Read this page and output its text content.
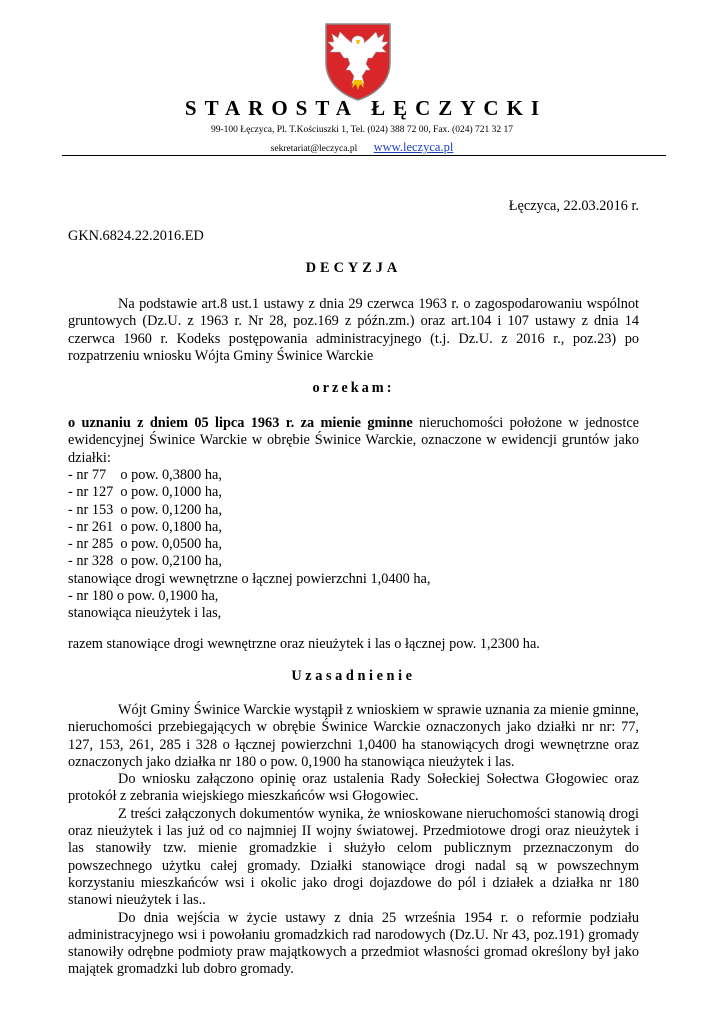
STAROSTA ŁĘCZYCKI
99-100 Łęczyca, Pl. T.Kościuszki 1, Tel. (024) 388 72 00, Fax. (024) 721 32 17
sekretariat@leczyca.pl www.leczyca.pl
Łęczyca, 22.03.2016 r.
GKN.6824.22.2016.ED
DECYZJA
Na podstawie art.8 ust.1 ustawy z dnia 29 czerwca 1963 r. o zagospodarowaniu wspólnot gruntowych (Dz.U. z 1963 r. Nr 28, poz.169 z późn.zm.) oraz art.104 i 107 ustawy z dnia 14 czerwca 1960 r. Kodeks postępowania administracyjnego (t.j. Dz.U. z 2016 r., poz.23) po rozpatrzeniu wniosku Wójta Gminy Świnice Warckie
orzekam:
o uznaniu z dniem 05 lipca 1963 r. za mienie gminne nieruchomości położone w jednostce ewidencyjnej Świnice Warckie w obrębie Świnice Warckie, oznaczone w ewidencji gruntów jako działki:
- nr 77    o pow. 0,3800 ha,
- nr 127  o pow. 0,1000 ha,
- nr 153  o pow. 0,1200 ha,
- nr 261  o pow. 0,1800 ha,
- nr 285  o pow. 0,0500 ha,
- nr 328  o pow. 0,2100 ha,
stanowiące drogi wewnętrzne o łącznej powierzchni 1,0400 ha,
- nr 180 o pow. 0,1900 ha,
stanowiąca nieużytek i las,
razem stanowiące drogi wewnętrzne oraz nieużytek i las o łącznej pow. 1,2300 ha.
Uzasadnienie
Wójt Gminy Świnice Warckie wystąpił z wnioskiem w sprawie uznania za mienie gminne, nieruchomości przebiegających w obrębie Świnice Warckie oznaczonych jako działki nr nr: 77, 127, 153, 261, 285 i 328 o łącznej powierzchni 1,0400 ha stanowiących drogi wewnętrzne oraz oznaczonych jako działka nr 180 o pow. 0,1900 ha stanowiąca nieużytek i las.
Do wniosku załączono opinię oraz ustalenia Rady Sołeckiej Sołectwa Głogowiec oraz protokół z zebrania wiejskiego mieszkańców wsi Głogowiec.
Z treści załączonych dokumentów wynika, że wnioskowane nieruchomości stanowią drogi oraz nieużytek i las już od co najmniej II wojny światowej. Przedmiotowe drogi oraz nieużytek i las stanowiły tzw. mienie gromadzkie i służyło celom publicznym przeznaczonym do powszechnego użytku całej gromady. Działki stanowiące drogi nadal są w powszechnym korzystaniu mieszkańców wsi i okolic jako drogi dojazdowe do pól i działek a działka nr 180 stanowi nieużytek i las..
Do dnia wejścia w życie ustawy z dnia 25 września 1954 r. o reformie podziału administracyjnego wsi i powołaniu gromadzkich rad narodowych (Dz.U. Nr 43, poz.191) gromady stanowiły odrębne podmioty praw majątkowych a przedmiot własności gromad określony był jako majątek gromadzki lub dobro gromady.
